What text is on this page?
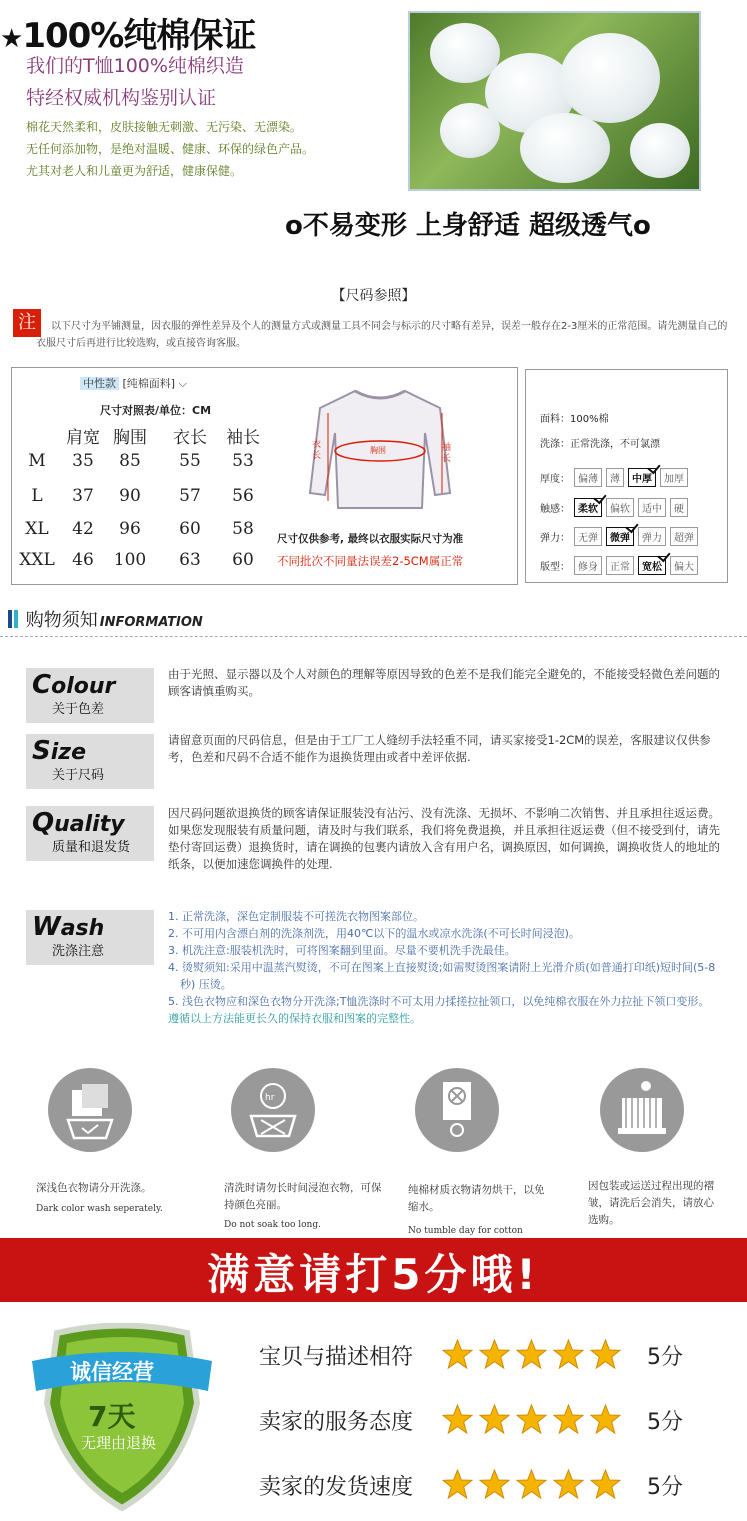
★100%纯棉保证
我们的T恤100%纯棉织造
特经权威机构鉴别认证
棉花天然柔和，皮肤接触无刺激、无污染、无漂染。
无任何添加物，是绝对温暖、健康、环保的绿色产品。
尤其对老人和儿童更为舒适，健康保健。
o不易变形 上身舒适 超级透气o
【尺码参照】
注	以下尺寸为平铺测量，因衣服的弹性差异及个人的测量方式或测量工具不同会与标示的尺寸略有差异，误差一般存在2-3厘米的正常范围。请先测量自己的衣服尺寸后再进行比较选购，或直接咨询客服。
中性款 [纯棉面料] ⌵
尺寸对照表/单位：CM
肩宽 胸围	衣长	袖长
M	35	85	55	53
L	37	90	57	56
XL	42	96	60	58
XXL	46	100	63	60
衣长
胸围	袖长
尺寸仅供参考, 最终以衣服实际尺寸为准
不同批次不同量法误差2-5CM属正常
面料：100%棉
洗涤：正常洗涤，不可氯漂
厚度： 偏薄 薄 中厚 加厚
触感： 柔软 偏软 适中 硬
弹力： 无弹 微弹 弹力 超弹
版型： 修身 正常 宽松 偏大
购物须知 INFORMATION
Colour
关于色差
由于光照、显示器以及个人对颜色的理解等原因导致的色差不是我们能完全避免的，不能接受轻微色差问题的顾客请慎重购买。
Size
关于尺码
请留意页面的尺码信息，但是由于工厂工人缝纫手法轻重不同，请买家接受1-2CM的误差，客服建议仅供参考，色差和尺码不合适不能作为退换货理由或者中差评依据.
Quality
质量和退发货
因尺码问题欲退换货的顾客请保证服装没有沾污、没有洗涤、无损坏、不影响二次销售、并且承担往返运费。如果您发现服装有质量问题，请及时与我们联系，我们将免费退换，并且承担往返运费（但不接受到付，请先垫付寄回运费）退换货时，请在调换的包裹内请放入含有用户名，调换原因，如何调换，调换收货人的地址的纸条，以便加速您调换件的处理.
Wash
洗涤注意
1. 正常洗涤，深色定制服装不可搓洗衣物图案部位。
2. 不可用内含漂白剂的洗涤剂洗，用40℃以下的温水或凉水洗涤(不可长时间浸泡)。
3. 机洗注意:服装机洗时，可将图案翻到里面。尽量不要机洗手洗最佳。
4. 烫熨须知:采用中温蒸汽熨烫，不可在图案上直接熨烫;如需熨烫图案请附上光滑介质(如普通打印纸)短时间(5-8秒) 压烫。
5. 浅色衣物应和深色衣物分开洗涤;T恤洗涤时不可太用力揉搓拉扯领口，以免纯棉衣服在外力拉扯下领口变形。
遵循以上方法能更长久的保持衣服和图案的完整性。
hr
深浅色衣物请分开洗涤。
Dark color wash seperately.
清洗时请勿长时间浸泡衣物，可保持颜色亮丽。
Do not soak too long.
纯棉材质衣物请勿烘干，以免缩水。
No tumble day for cotton
因包装或运送过程出现的褶皱，请洗后会消失，请放心选购。
满意请打5分哦!
诚信经营
7天
无理由退换
宝贝与描述相符	5分
卖家的服务态度	5分
卖家的发货速度	5分
